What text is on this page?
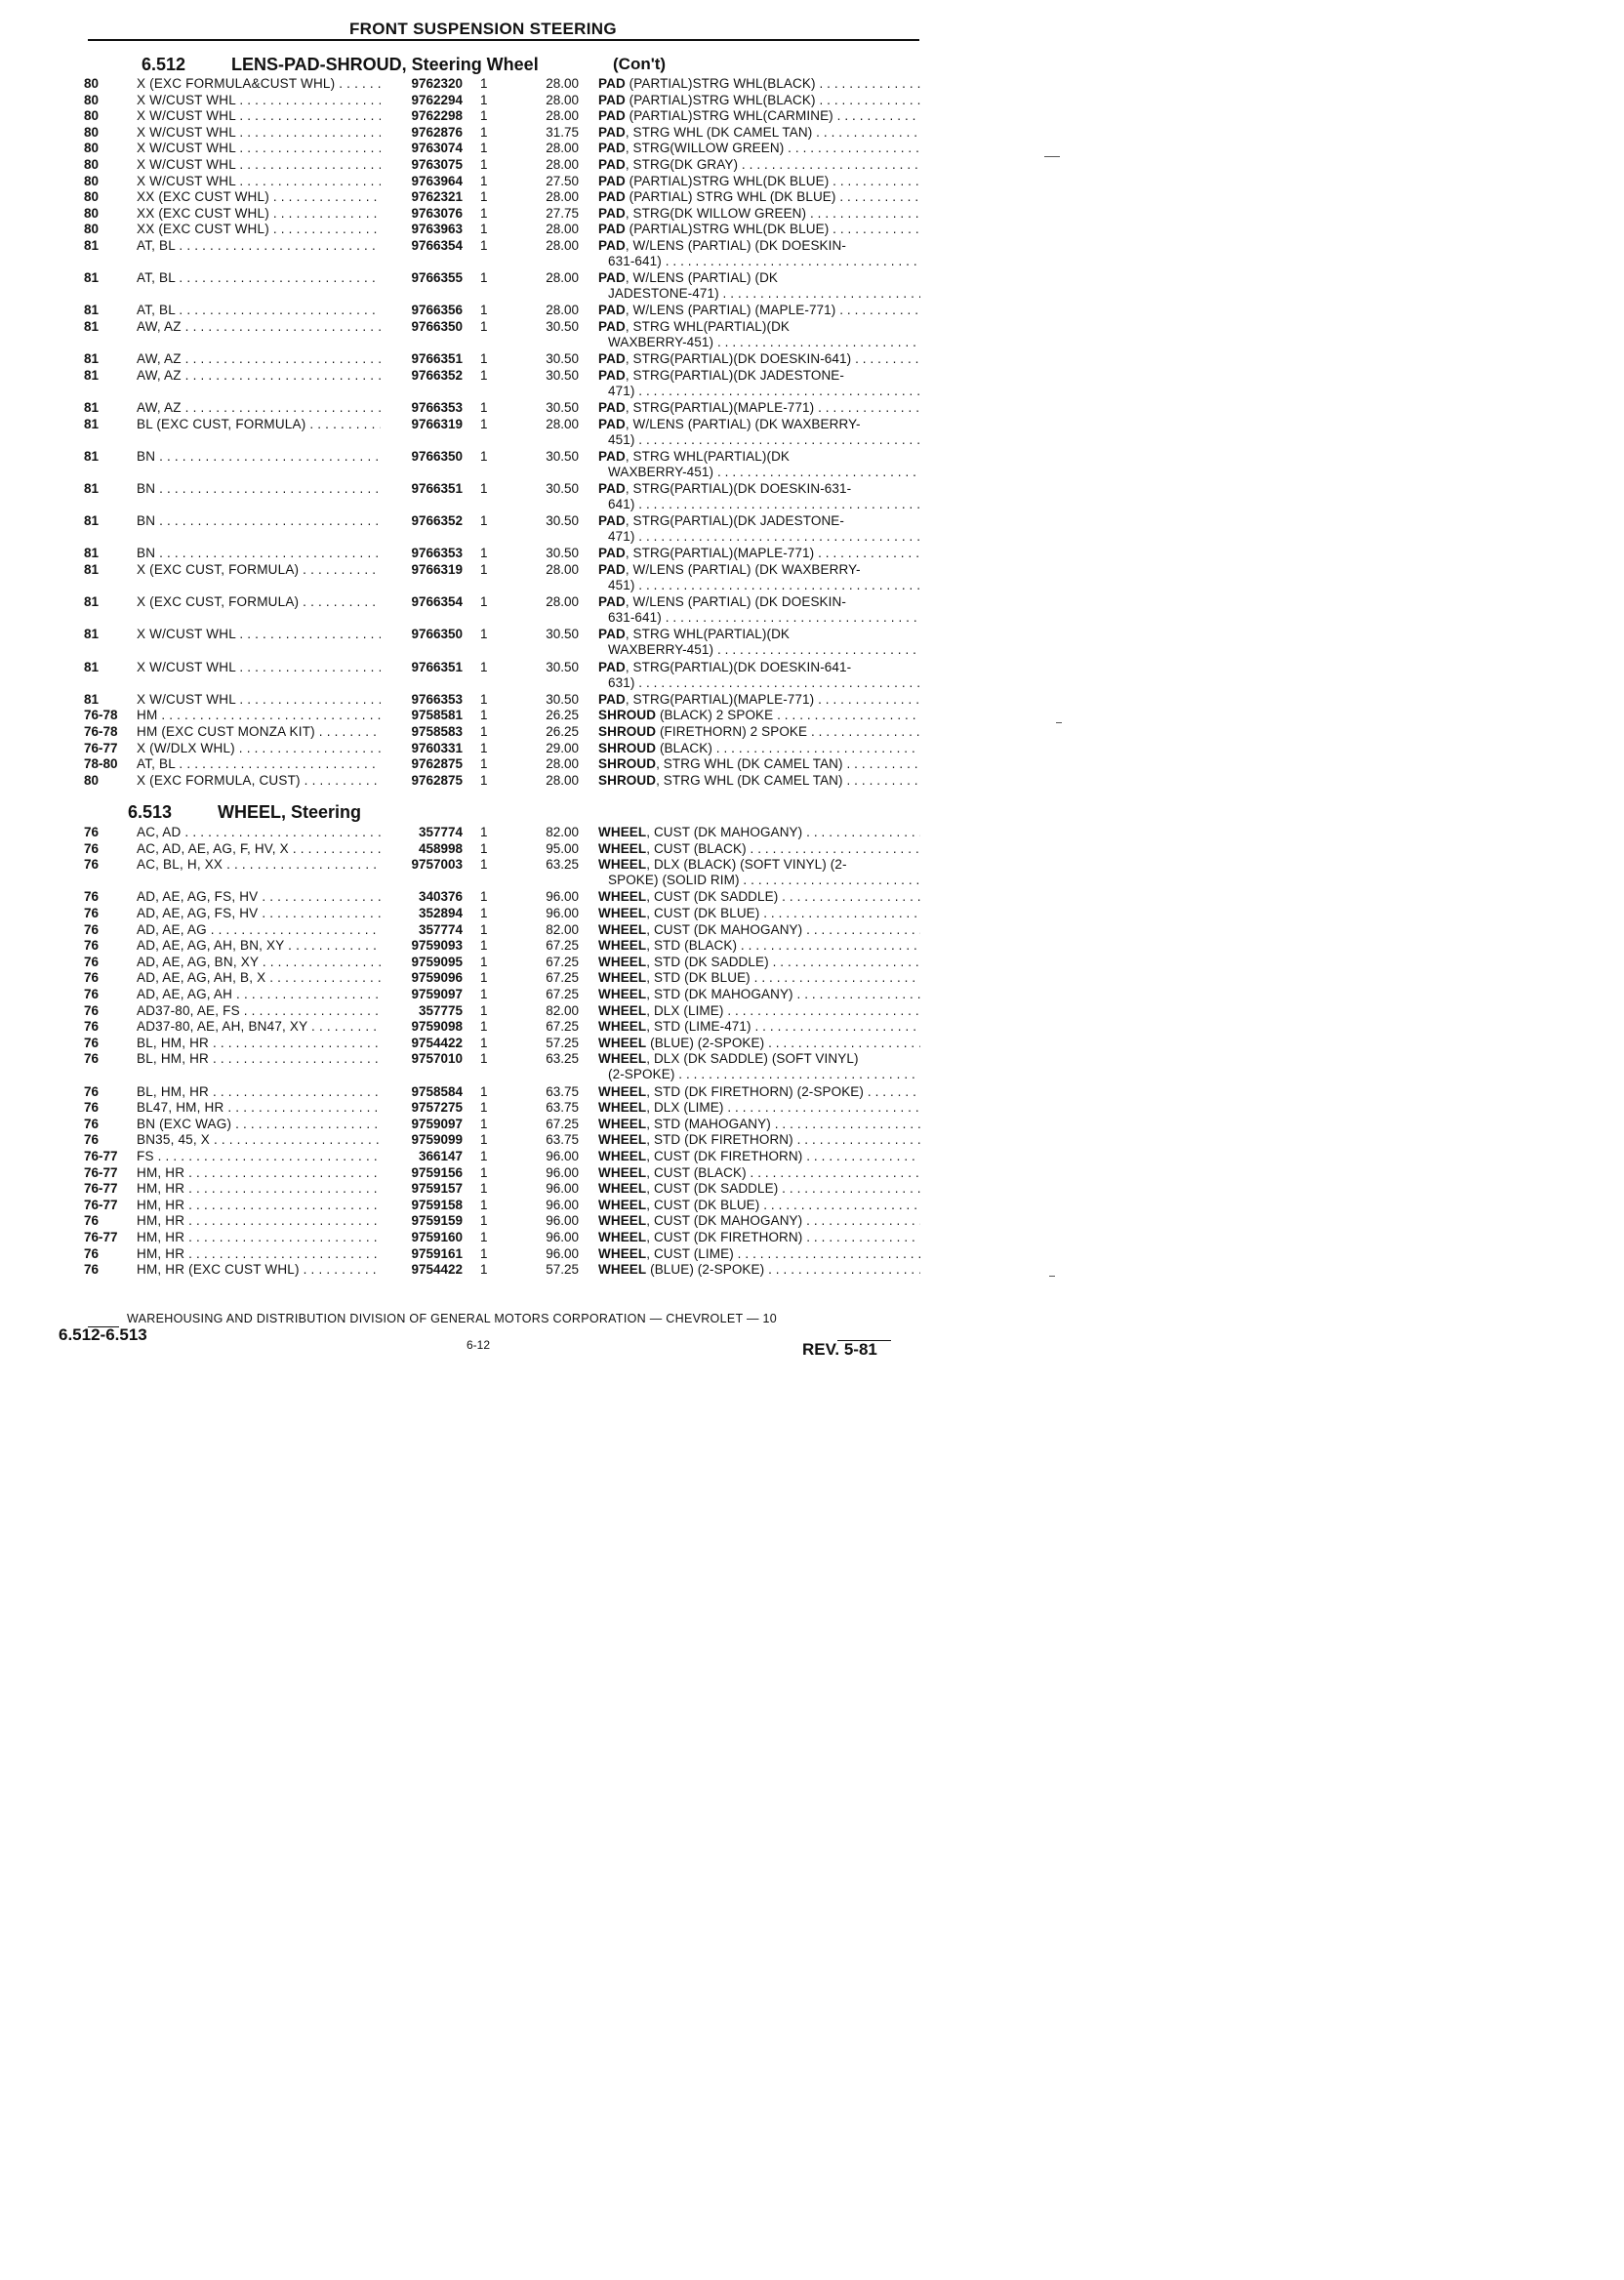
FRONT SUSPENSION STEERING
6.512	LENS-PAD-SHROUD, Steering Wheel	(Con't)
80	X (EXC FORMULA&CUST WHL) . . .	9762320 1	28.00 PAD (PARTIAL)STRG WHL(BLACK) . . .
80	X W/CUST WHL . . .	9762294 1	28.00 PAD (PARTIAL)STRG WHL(BLACK) . . .
80	X W/CUST WHL . . .	9762298 1	28.00 PAD (PARTIAL)STRG WHL(CARMINE) . . .
80	X W/CUST WHL . . .	9762876 1	31.75 PAD, STRG WHL (DK CAMEL TAN) . . .
80	X W/CUST WHL . . .	9763074 1	28.00 PAD, STRG(WILLOW GREEN) . . .
80	X W/CUST WHL . . .	9763075 1	28.00 PAD, STRG(DK GRAY) . . .
80	X W/CUST WHL . . .	9763964 1	27.50 PAD (PARTIAL)STRG WHL(DK BLUE) . . .
80	XX (EXC CUST WHL) . . .	9762321 1	28.00 PAD (PARTIAL) STRG WHL (DK BLUE) . . .
80	XX (EXC CUST WHL) . . .	9763076 1	27.75 PAD, STRG(DK WILLOW GREEN) . . .
80	XX (EXC CUST WHL) . . .	9763963 1	28.00 PAD (PARTIAL)STRG WHL(DK BLUE) . . .
81	AT, BL . . .	9766354 1	28.00 PAD, W/LENS (PARTIAL) (DK DOESKIN-
631-641) . . .
81	AT, BL . . .	9766355 1	28.00 PAD, W/LENS (PARTIAL) (DK
JADESTONE-471) . . .
81	AT, BL . . .	9766356 1	28.00 PAD, W/LENS (PARTIAL) (MAPLE-771) . . .
81	AW, AZ . . .	9766350 1	30.50 PAD, STRG WHL(PARTIAL)(DK
WAXBERRY-451) . . .
81	AW, AZ . . .	9766351 1	30.50 PAD, STRG(PARTIAL)(DK DOESKIN-641) . . .
81	AW, AZ . . .	9766352 1	30.50 PAD, STRG(PARTIAL)(DK JADESTONE-
471) . . .
81	AW, AZ . . .	9766353 1	30.50 PAD, STRG(PARTIAL)(MAPLE-771) . . .
81	BL (EXC CUST, FORMULA) . . .	9766319 1	28.00 PAD, W/LENS (PARTIAL) (DK WAXBERRY-
451) . . .
81	BN . . .	9766350 1	30.50 PAD, STRG WHL(PARTIAL)(DK
WAXBERRY-451) . . .
81	BN . . .	9766351 1	30.50 PAD, STRG(PARTIAL)(DK DOESKIN-631-
641) . . .
81	BN . . .	9766352 1	30.50 PAD, STRG(PARTIAL)(DK JADESTONE-
471) . . .
81	BN . . .	9766353 1	30.50 PAD, STRG(PARTIAL)(MAPLE-771) . . .
81	X (EXC CUST, FORMULA) . . .	9766319 1	28.00 PAD, W/LENS (PARTIAL) (DK WAXBERRY-
451) . . .
81	X (EXC CUST, FORMULA) . . .	9766354 1	28.00 PAD, W/LENS (PARTIAL) (DK DOESKIN-
631-641) . . .
81	X W/CUST WHL . . .	9766350 1	30.50 PAD, STRG WHL(PARTIAL)(DK
WAXBERRY-451) . . .
81	X W/CUST WHL . . .	9766351 1	30.50 PAD, STRG(PARTIAL)(DK DOESKIN-641-
631) . . .
81	X W/CUST WHL . . .	9766353 1	30.50 PAD, STRG(PARTIAL)(MAPLE-771) . . .
76-78 HM . . .	9758581 1	26.25 SHROUD (BLACK) 2 SPOKE . . .
76-78 HM (EXC CUST MONZA KIT) . . .	9758583 1	26.25 SHROUD (FIRETHORN) 2 SPOKE . . .
76-77 X (W/DLX WHL) . . .	9760331 1	29.00 SHROUD (BLACK) . . .
78-80 AT, BL . . .	9762875 1	28.00 SHROUD, STRG WHL (DK CAMEL TAN) . . .
80	X (EXC FORMULA, CUST) . . .	9762875 1	28.00 SHROUD, STRG WHL (DK CAMEL TAN) . . .
6.513	WHEEL, Steering
76	AC, AD . . .	357774 1	82.00 WHEEL, CUST (DK MAHOGANY) . . .
76	AC, AD, AE, AG, F, HV, X . . .	458998 1	95.00 WHEEL, CUST (BLACK) . . .
76	AC, BL, H, XX . . .	9757003 1	63.25 WHEEL, DLX (BLACK) (SOFT VINYL) (2-
SPOKE) (SOLID RIM) . . .
76	AD, AE, AG, FS, HV . . .	340376 1	96.00 WHEEL, CUST (DK SADDLE) . . .
76	AD, AE, AG, FS, HV . . .	352894 1	96.00 WHEEL, CUST (DK BLUE) . . .
76	AD, AE, AG . . .	357774 1	82.00 WHEEL, CUST (DK MAHOGANY) . . .
76	AD, AE, AG, AH, BN, XY . . .	9759093 1	67.25 WHEEL, STD (BLACK) . . .
76	AD, AE, AG, BN, XY . . .	9759095 1	67.25 WHEEL, STD (DK SADDLE) . . .
76	AD, AE, AG, AH, B, X . . .	9759096 1	67.25 WHEEL, STD (DK BLUE) . . .
76	AD, AE, AG, AH . . .	9759097 1	67.25 WHEEL, STD (DK MAHOGANY) . . .
76	AD37-80, AE, FS . . .	357775 1	82.00 WHEEL, DLX (LIME) . . .
76	AD37-80, AE, AH, BN47, XY . . .	9759098 1	67.25 WHEEL, STD (LIME-471) . . .
76	BL, HM, HR . . .	9754422 1	57.25 WHEEL (BLUE) (2-SPOKE) . . .
76	BL, HM, HR . . .	9757010 1	63.25 WHEEL, DLX (DK SADDLE) (SOFT VINYL)
(2-SPOKE) . . .
76	BL, HM, HR . . .	9758584 1	63.75 WHEEL, STD (DK FIRETHORN) (2-SPOKE) . . .
76	BL47, HM, HR . . .	9757275 1	63.75 WHEEL, DLX (LIME) . . .
76	BN (EXC WAG) . . .	9759097 1	67.25 WHEEL, STD (MAHOGANY) . . .
76	BN35, 45, X . . .	9759099 1	63.75 WHEEL, STD (DK FIRETHORN) . . .
76-77 FS . . .	366147 1	96.00 WHEEL, CUST (DK FIRETHORN) . . .
76-77 HM, HR . . .	9759156 1	96.00 WHEEL, CUST (BLACK) . . .
76-77 HM, HR . . .	9759157 1	96.00 WHEEL, CUST (DK SADDLE) . . .
76-77 HM, HR . . .	9759158 1	96.00 WHEEL, CUST (DK BLUE) . . .
76	HM, HR . . .	9759159 1	96.00 WHEEL, CUST (DK MAHOGANY) . . .
76-77 HM, HR . . .	9759160 1	96.00 WHEEL, CUST (DK FIRETHORN) . . .
76	HM, HR . . .	9759161 1	96.00 WHEEL, CUST (LIME) . . .
76	HM, HR (EXC CUST WHL) . . .	9754422 1	57.25 WHEEL (BLUE) (2-SPOKE) . . .
WAREHOUSING AND DISTRIBUTION DIVISION OF GENERAL MOTORS CORPORATION — CHEVROLET — 10
6.512-6.513
6-12	REV. 5-81
